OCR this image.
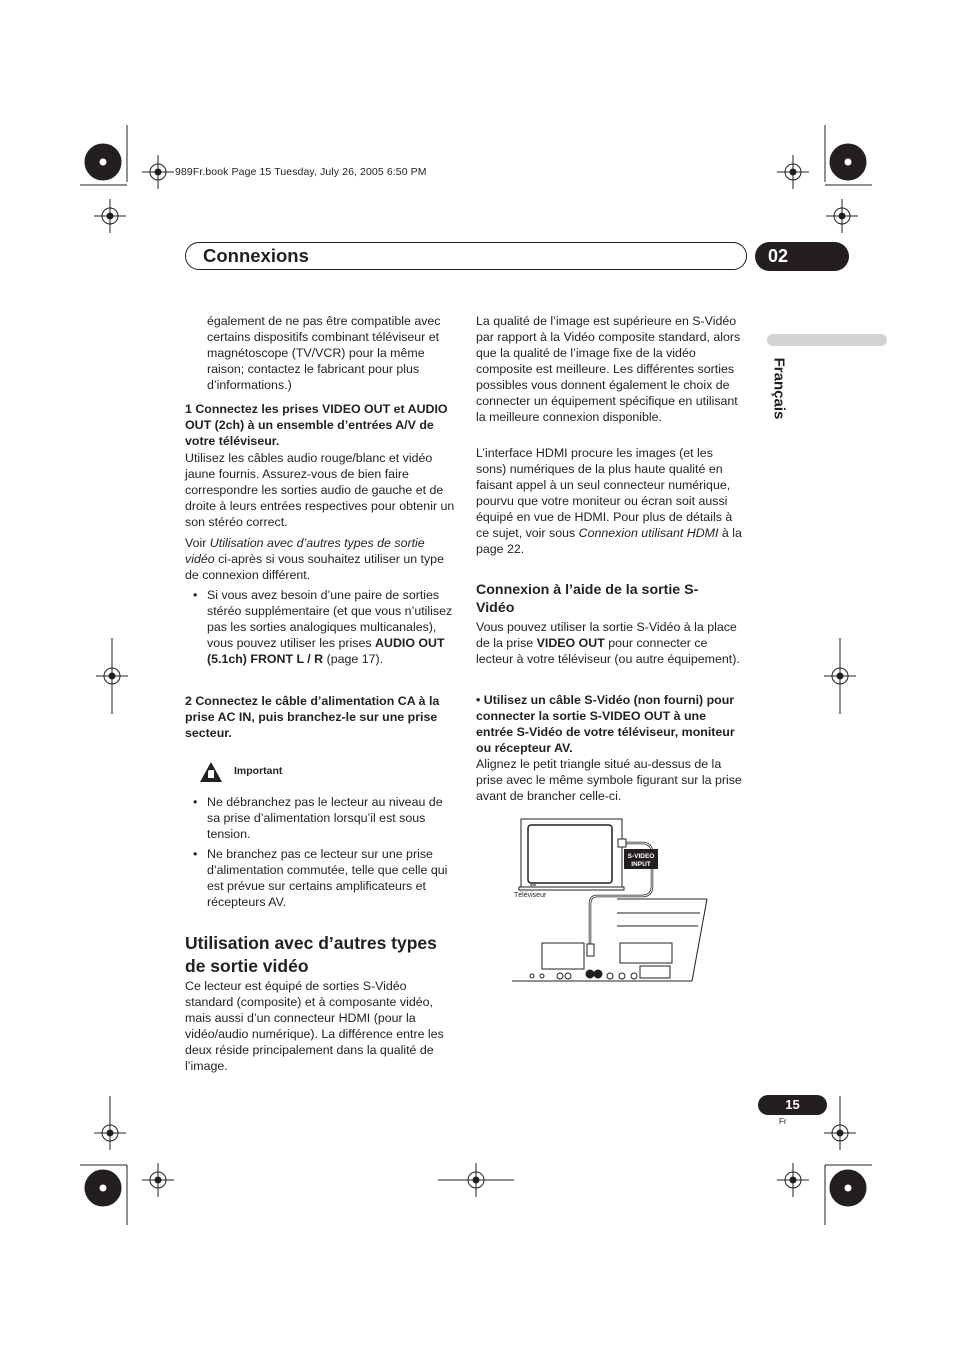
989Fr.book Page 15 Tuesday, July 26, 2005 6:50 PM
Connexions	02
Français
également de ne pas être compatible avec certains dispositifs combinant téléviseur et magnétoscope (TV/VCR) pour la même raison; contactez le fabricant pour plus d’informations.)
1 Connectez les prises VIDEO OUT et AUDIO OUT (2ch) à un ensemble d’entrées A/V de votre téléviseur.
Utilisez les câbles audio rouge/blanc et vidéo jaune fournis. Assurez-vous de bien faire correspondre les sorties audio de gauche et de droite à leurs entrées respectives pour obtenir un son stéréo correct.
Voir Utilisation avec d’autres types de sortie vidéo ci-après si vous souhaitez utiliser un type de connexion différent.
• Si vous avez besoin d’une paire de sorties stéréo supplémentaire (et que vous n’utilisez pas les sorties analogiques multicanales), vous pouvez utiliser les prises AUDIO OUT (5.1ch) FRONT L / R (page 17).
2 Connectez le câble d’alimentation CA à la prise AC IN, puis branchez-le sur une prise secteur.
Important
• Ne débranchez pas le lecteur au niveau de sa prise d’alimentation lorsqu’il est sous tension.
• Ne branchez pas ce lecteur sur une prise d’alimentation commutée, telle que celle qui est prévue sur certains amplificateurs et récepteurs AV.
Utilisation avec d’autres types de sortie vidéo
Ce lecteur est équipé de sorties S-Vidéo standard (composite) et à composante vidéo, mais aussi d’un connecteur HDMI (pour la vidéo/audio numérique). La différence entre les deux réside principalement dans la qualité de l’image.
La qualité de l’image est supérieure en S-Vidéo par rapport à la Vidéo composite standard, alors que la qualité de l’image fixe de la vidéo composite est meilleure. Les différentes sorties possibles vous donnent également le choix de connecter un équipement spécifique en utilisant la meilleure connexion disponible.
L’interface HDMI procure les images (et les sons) numériques de la plus haute qualité en faisant appel à un seul connecteur numérique, pourvu que votre moniteur ou écran soit aussi équipé en vue de HDMI. Pour plus de détails à ce sujet, voir sous Connexion utilisant HDMI à la page 22.
Connexion à l’aide de la sortie S-Vidéo
Vous pouvez utiliser la sortie S-Vidéo à la place de la prise VIDEO OUT pour connecter ce lecteur à votre téléviseur (ou autre équipement).
• Utilisez un câble S-Vidéo (non fourni) pour connecter la sortie S-VIDEO OUT à une entrée S-Vidéo de votre téléviseur, moniteur ou récepteur AV.
Alignez le petit triangle situé au-dessus de la prise avec le même symbole figurant sur la prise avant de brancher celle-ci.
S-VIDEO
INPUT
Téléviseur
15
Fr
